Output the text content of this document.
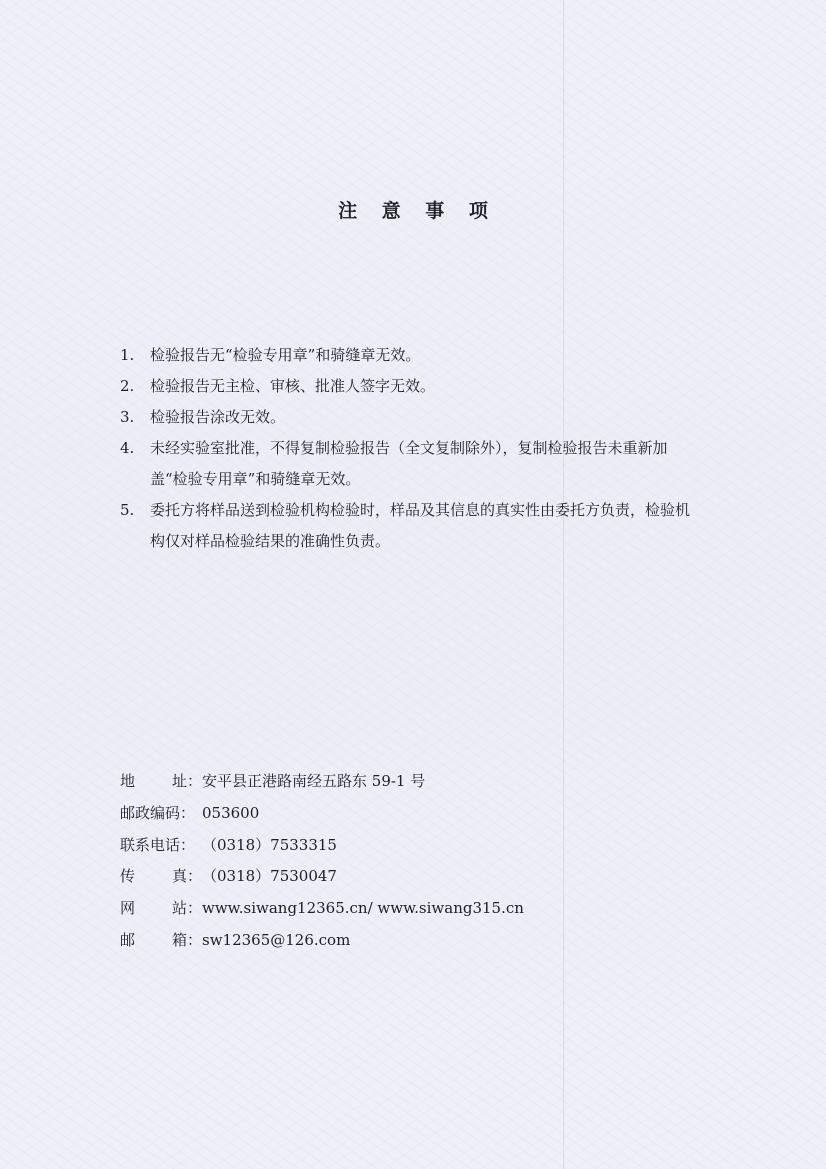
注 意 事 项
1.	检验报告无“检验专用章”和骑缝章无效。
2.	检验报告无主检、审核、批准人签字无效。
3.	检验报告涂改无效。
4.	未经实验室批准，不得复制检验报告（全文复制除外），复制检验报告未重新加盖“检验专用章”和骑缝章无效。
5.	委托方将样品送到检验机构检验时，样品及其信息的真实性由委托方负责，检验机构仅对样品检验结果的准确性负责。
地 址： 安平县正港路南经五路东 59-1 号
邮政编码： 053600
联系电话： （0318）7533315
传 真： （0318）7530047
网 站： www.siwang12365.cn/ www.siwang315.cn
邮 箱： sw12365@126.com
